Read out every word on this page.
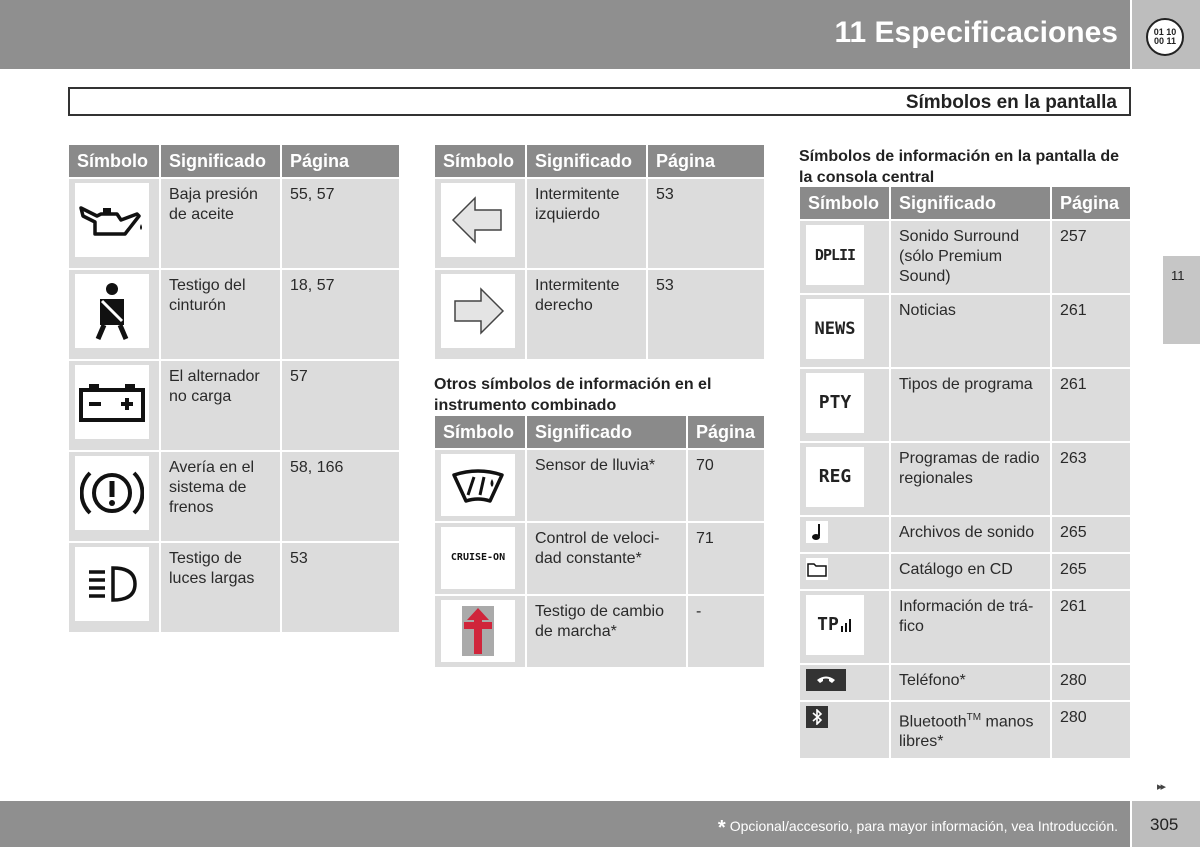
11 Especificaciones	01 10
00 11
Símbolos en la pantalla
11
Símbolo	Significado	Página

	Baja presión de aceite	55, 57

	Testigo del cinturón	18, 57

	El alternador no carga	57

	Avería en el sistema de frenos	58, 166

	Testigo de luces largas	53
Símbolo	Significado	Página

	Intermitente izquierdo	53

	Intermitente derecho	53
Otros símbolos de información en el instrumento combinado
Símbolo	Significado	Página

	Sensor de lluvia*	70

CRUISE-ON	Control de veloci-dad constante*	71

	Testigo de cambio de marcha*	-
Símbolos de información en la pantalla de la consola central
Símbolo	Significado	Página

DPLII	Sonido Surround (sólo Premium Sound)	257

NEWS	Noticias	261

PTY	Tipos de programa	261

REG	Programas de radio regionales	263

	Archivos de sonido	265

	Catálogo en CD	265

TP	Información de trá-fico	261

	Teléfono*	280

	Bluetooth™ manos libres*	280
▸▸
* Opcional/accesorio, para mayor información, vea Introducción. 305
